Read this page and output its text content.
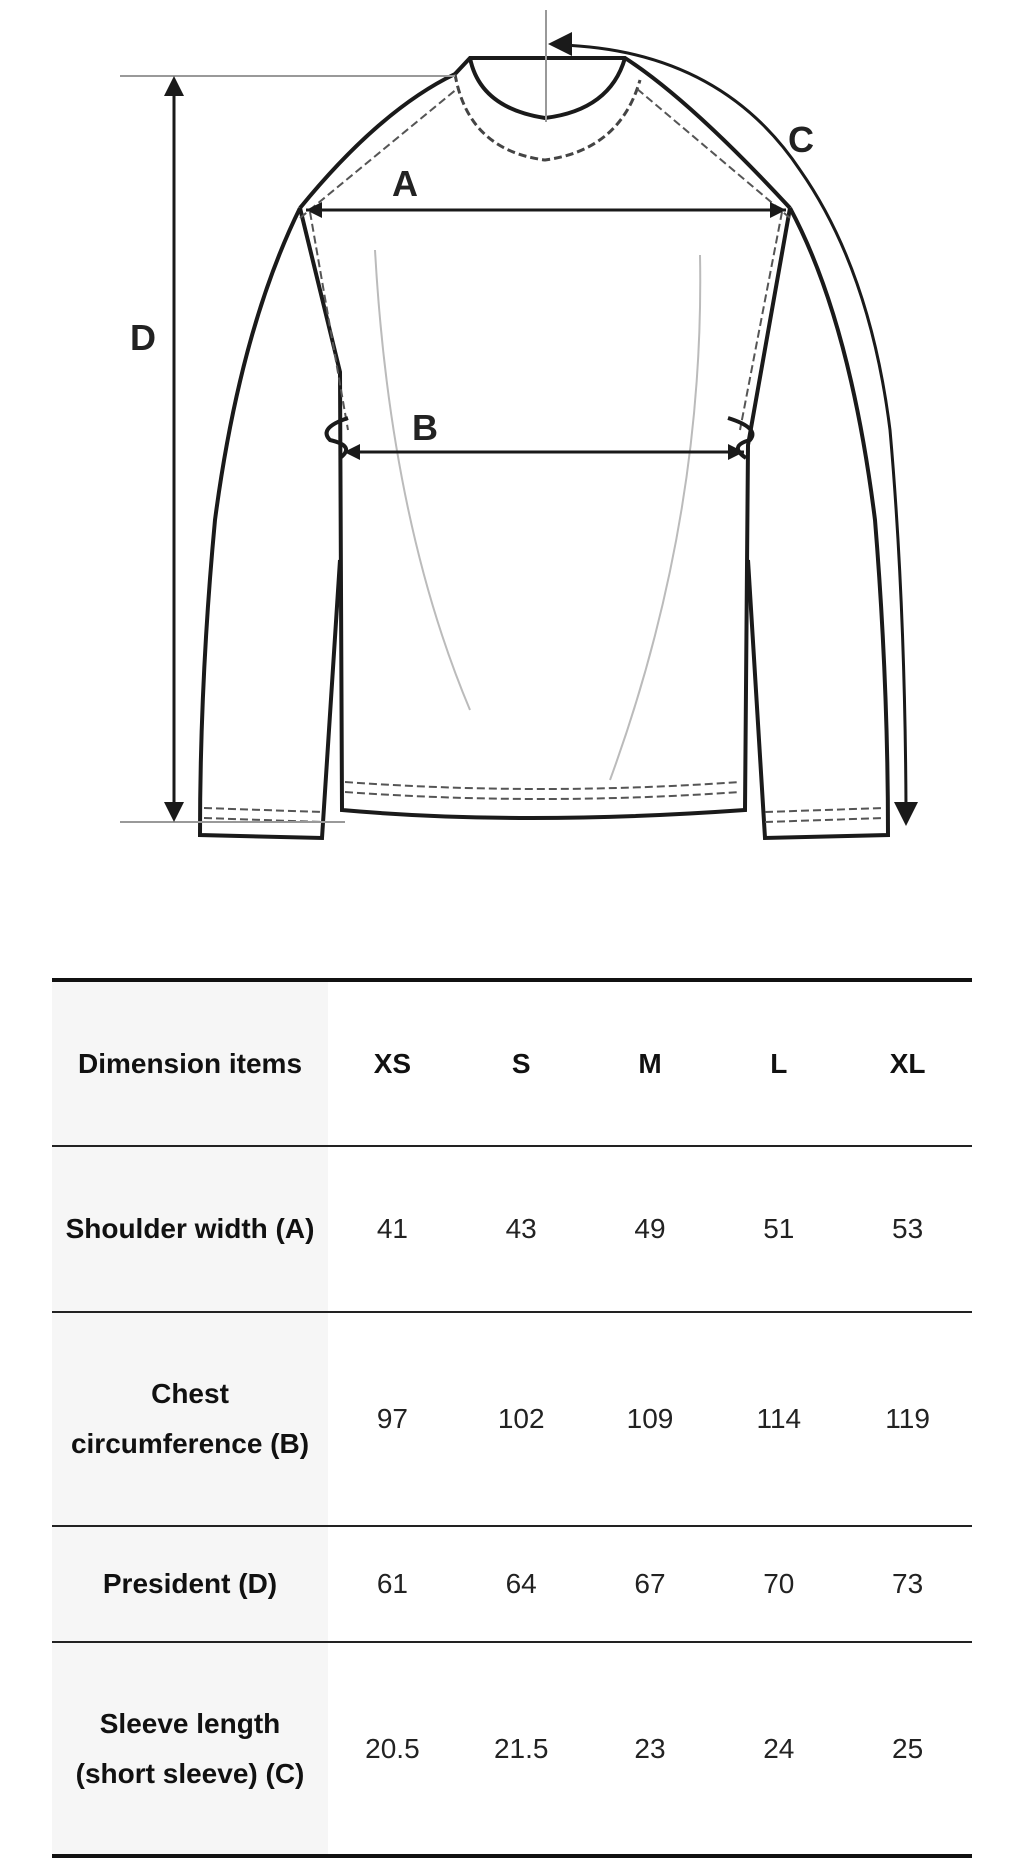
A
B
C
D
Dimension items	XS	S	M	L	XL
Shoulder width (A)	41	43	49	51	53
Chest circumference (B)	97	102	109	114	119
President (D)	61	64	67	70	73
Sleeve length (short sleeve) (C)	20.5	21.5	23	24	25
